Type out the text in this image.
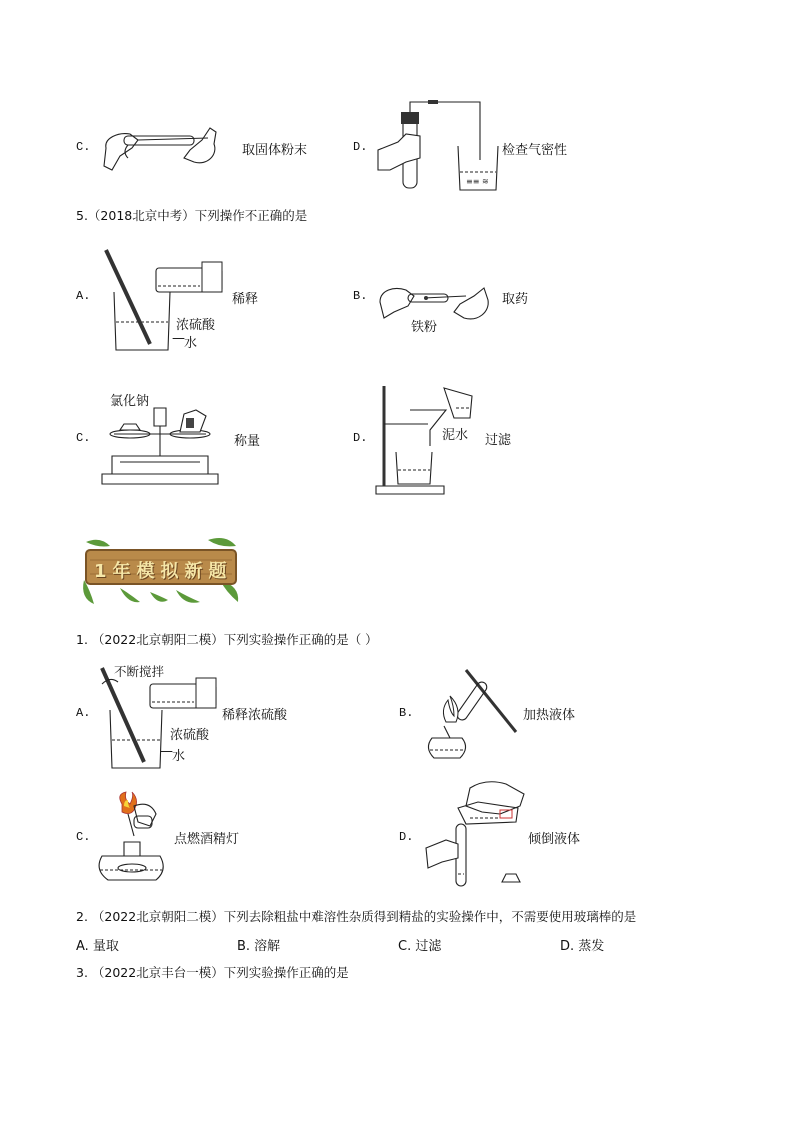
C.	取固体粉末	D.
≡≡ ≋
检查气密性
5.（2018北京中考）下列操作不正确的是
A.	稀释
浓硫酸
— 水
B.	取药
铁粉
氯化钠
C.	称量	D.	泥水 过滤
1年模拟新题
1. （2022北京朝阳二模）下列实验操作正确的是（ ）
不断搅拌
A.	稀释浓硫酸
浓硫酸
— 水
B.	加热液体
C.	点燃酒精灯	D.	倾倒液体
2. （2022北京朝阳二模）下列去除粗盐中难溶性杂质得到精盐的实验操作中，不需要使用玻璃棒的是
A. 量取	B. 溶解	C. 过滤	D. 蒸发
3. （2022北京丰台一模）下列实验操作正确的是
